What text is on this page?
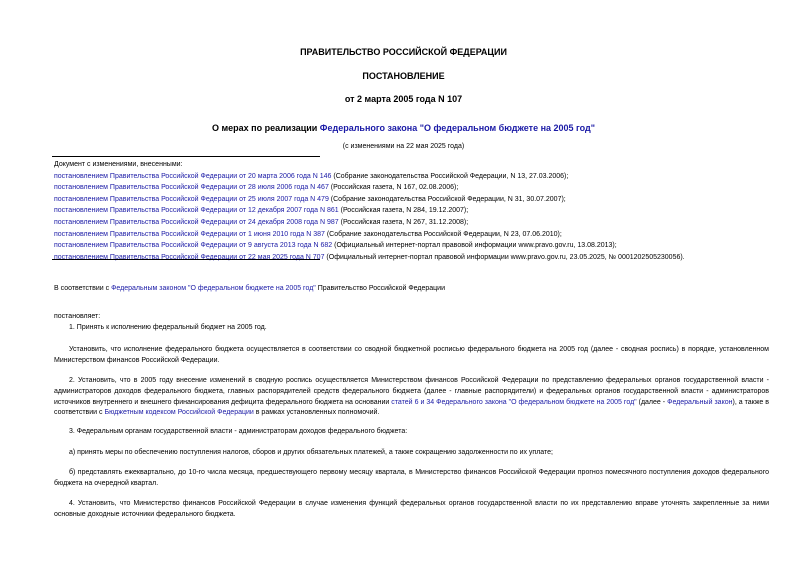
ПРАВИТЕЛЬСТВО РОССИЙСКОЙ ФЕДЕРАЦИИ
ПОСТАНОВЛЕНИЕ
от 2 марта 2005 года N 107
О мерах по реализации Федерального закона "О федеральном бюджете на 2005 год"
(с изменениями на 22 мая 2025 года)
Документ с изменениями, внесенными:
постановлением Правительства Российской Федерации от 20 марта 2006 года N 146 (Собрание законодательства Российской Федерации, N 13, 27.03.2006);
постановлением Правительства Российской Федерации от 28 июля 2006 года N 467 (Российская газета, N 167, 02.08.2006);
постановлением Правительства Российской Федерации от 25 июля 2007 года N 479 (Собрание законодательства Российской Федерации, N 31, 30.07.2007);
постановлением Правительства Российской Федерации от 12 декабря 2007 года N 861 (Российская газета, N 284, 19.12.2007);
постановлением Правительства Российской Федерации от 24 декабря 2008 года N 987 (Российская газета, N 267, 31.12.2008);
постановлением Правительства Российской Федерации от 1 июня 2010 года N 387 (Собрание законодательства Российской Федерации, N 23, 07.06.2010);
постановлением Правительства Российской Федерации от 9 августа 2013 года N 682 (Официальный интернет-портал правовой информации www.pravo.gov.ru, 13.08.2013);
постановлением Правительства Российской Федерации от 22 мая 2025 года N 707 (Официальный интернет-портал правовой информации www.pravo.gov.ru, 23.05.2025, № 0001202505230056).
В соответствии с Федеральным законом "О федеральном бюджете на 2005 год" Правительство Российской Федерации
постановляет:
1. Принять к исполнению федеральный бюджет на 2005 год.
Установить, что исполнение федерального бюджета осуществляется в соответствии со сводной бюджетной росписью федерального бюджета на 2005 год (далее - сводная роспись) в порядке, установленном Министерством финансов Российской Федерации.
2. Установить, что в 2005 году внесение изменений в сводную роспись осуществляется Министерством финансов Российской Федерации по представлению федеральных органов государственной власти - администраторов доходов федерального бюджета, главных распорядителей средств федерального бюджета (далее - главные распорядители) и федеральных органов государственной власти - администраторов источников внутреннего и внешнего финансирования дефицита федерального бюджета на основании статей 6 и 34 Федерального закона "О федеральном бюджете на 2005 год" (далее - Федеральный закон), а также в соответствии с Бюджетным кодексом Российской Федерации в рамках установленных полномочий.
3. Федеральным органам государственной власти - администраторам доходов федерального бюджета:
а) принять меры по обеспечению поступления налогов, сборов и других обязательных платежей, а также сокращению задолженности по их уплате;
б) представлять ежеквартально, до 10-го числа месяца, предшествующего первому месяцу квартала, в Министерство финансов Российской Федерации прогноз помесячного поступления доходов федерального бюджета на очередной квартал.
4. Установить, что Министерство финансов Российской Федерации в случае изменения функций федеральных органов государственной власти по их представлению вправе уточнять закрепленные за ними основные доходные источники федерального бюджета.
